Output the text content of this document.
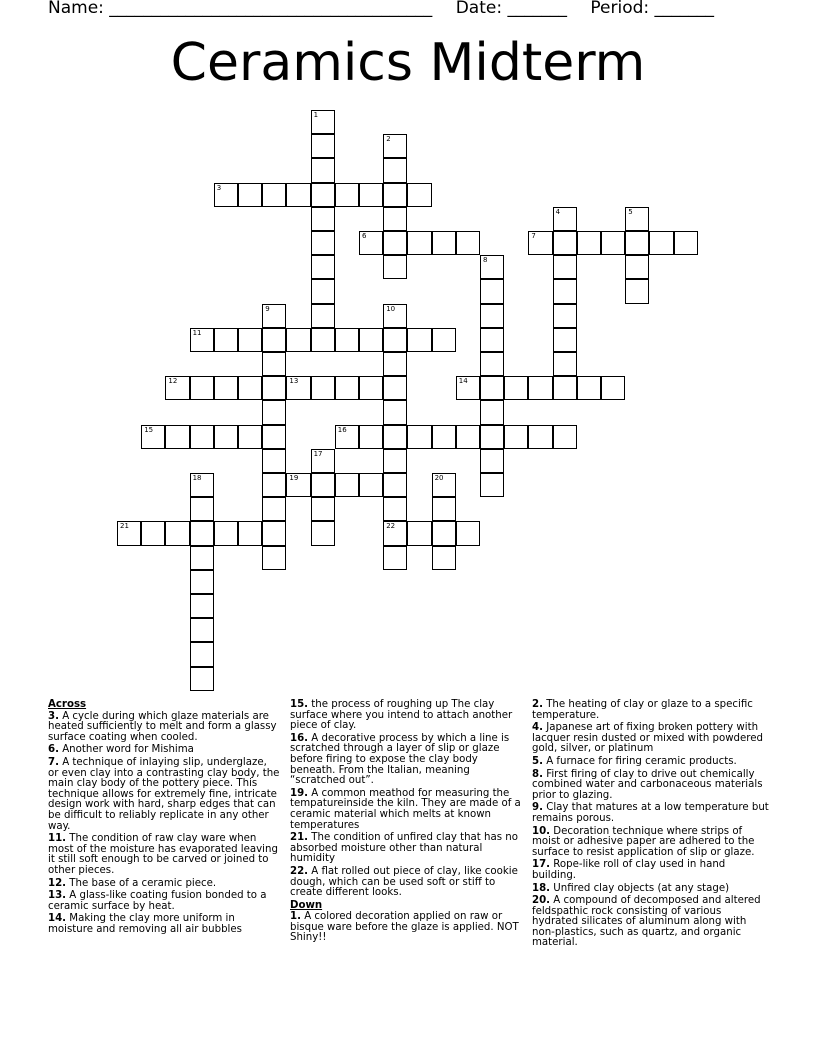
Name: ______________________________________ Date: _______ Period: _______
Ceramics Midterm
1
2
3
4	5
6	7
8
9	10
22
11
12	13	14
15	16
17
18	19	20
21
Across
3. A cycle during which glaze materials are heated sufficiently to melt and form a glassy surface coating when cooled.
6. Another word for Mishima
7. A technique of inlaying slip, underglaze, or even clay into a contrasting clay body, the main clay body of the pottery piece. This technique allows for extremely fine, intricate design work with hard, sharp edges that can be difficult to reliably replicate in any other way.
11. The condition of raw clay ware when most of the moisture has evaporated leaving it still soft enough to be carved or joined to other pieces.
12. The base of a ceramic piece.
13. A glass-like coating fusion bonded to a ceramic surface by heat.
14. Making the clay more uniform in moisture and removing all air bubbles
15. the process of roughing up The clay surface where you intend to attach another piece of clay.
16. A decorative process by which a line is scratched through a layer of slip or glaze before firing to expose the clay body beneath. From the Italian, meaning “scratched out”.
19. A common meathod for measuring the tempatureinside the kiln. They are made of a ceramic material which melts at known temperatures
21. The condition of unfired clay that has no absorbed moisture other than natural humidity
22. A flat rolled out piece of clay, like cookie dough, which can be used soft or stiff to create different looks.
Down
1. A colored decoration applied on raw or bisque ware before the glaze is applied. NOT Shiny!!
2. The heating of clay or glaze to a specific temperature.
4. Japanese art of fixing broken pottery with lacquer resin dusted or mixed with powdered gold, silver, or platinum
5. A furnace for firing ceramic products.
8. First firing of clay to drive out chemically combined water and carbonaceous materials prior to glazing.
9. Clay that matures at a low temperature but remains porous.
10. Decoration technique where strips of moist or adhesive paper are adhered to the surface to resist application of slip or glaze.
17. Rope-like roll of clay used in hand building.
18. Unfired clay objects (at any stage)
20. A compound of decomposed and altered feldspathic rock consisting of various hydrated silicates of aluminum along with non-plastics, such as quartz, and organic material.
